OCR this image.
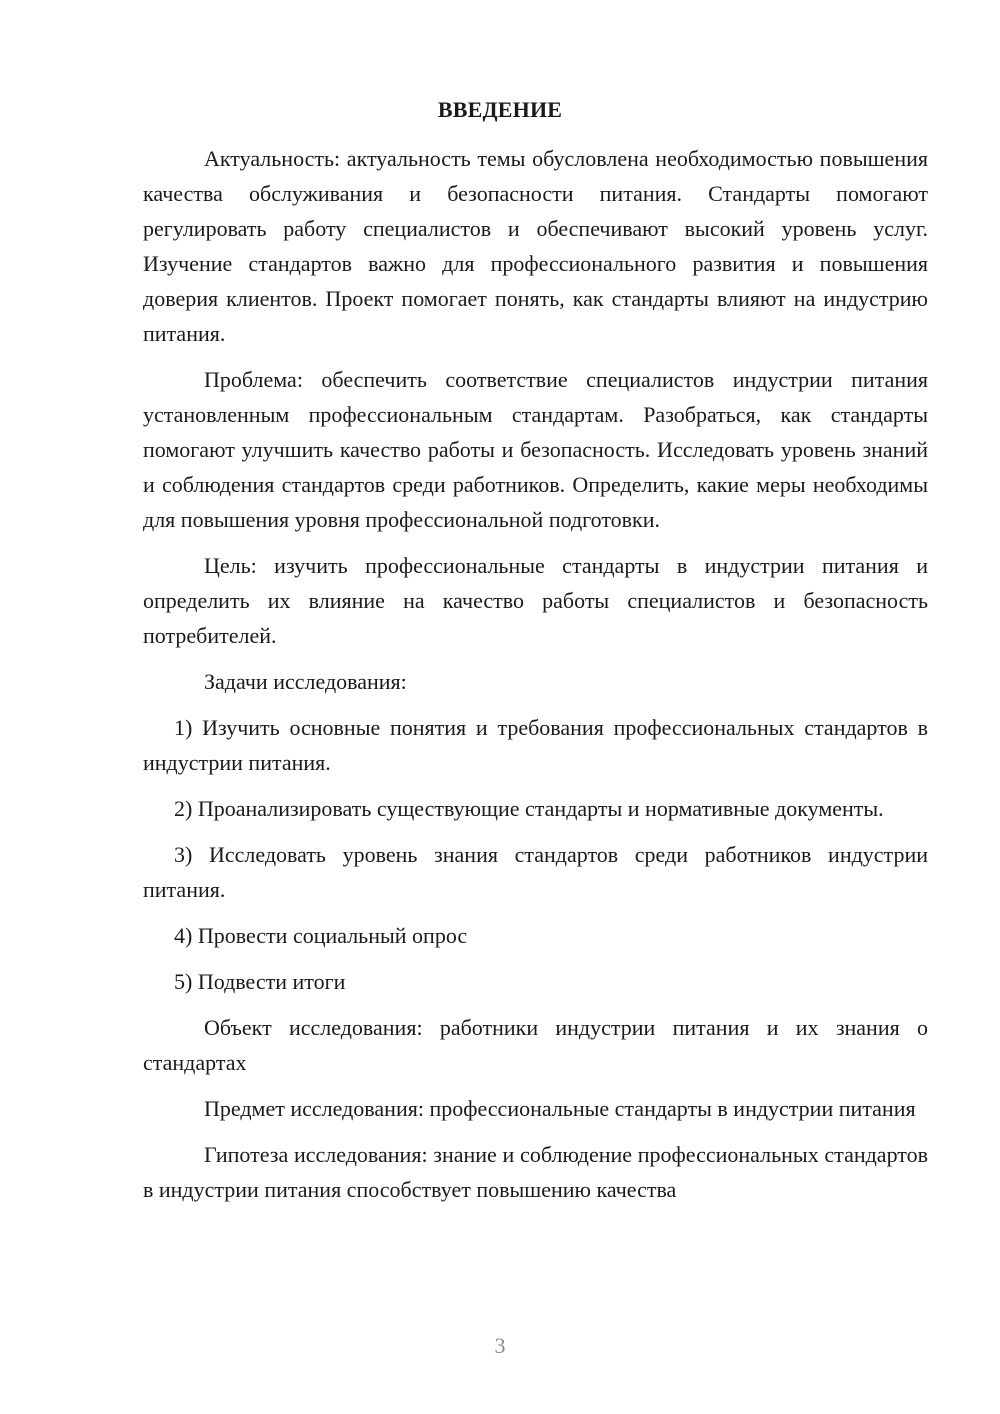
ВВЕДЕНИЕ

Актуальность: актуальность темы обусловлена необходимостью повышения качества обслуживания и безопасности питания. Стандарты помогают регулировать работу специалистов и обеспечивают высокий уровень услуг. Изучение стандартов важно для профессионального развития и повышения доверия клиентов. Проект помогает понять, как стандарты влияют на индустрию питания.

Проблема: обеспечить соответствие специалистов индустрии питания установленным профессиональным стандартам. Разобраться, как стандарты помогают улучшить качество работы и безопасность. Исследовать уровень знаний и соблюдения стандартов среди работников. Определить, какие меры необходимы для повышения уровня профессиональной подготовки.

Цель: изучить профессиональные стандарты в индустрии питания и определить их влияние на качество работы специалистов и безопасность потребителей.

Задачи исследования:

1) Изучить основные понятия и требования профессиональных стандартов в индустрии питания.

2) Проанализировать существующие стандарты и нормативные документы.

3) Исследовать уровень знания стандартов среди работников индустрии питания.

4) Провести социальный опрос

5) Подвести итоги

Объект исследования: работники индустрии питания и их знания о стандартах

Предмет исследования: профессиональные стандарты в индустрии питания

Гипотеза исследования: знание и соблюдение профессиональных стандартов в индустрии питания способствует повышению качества

3
